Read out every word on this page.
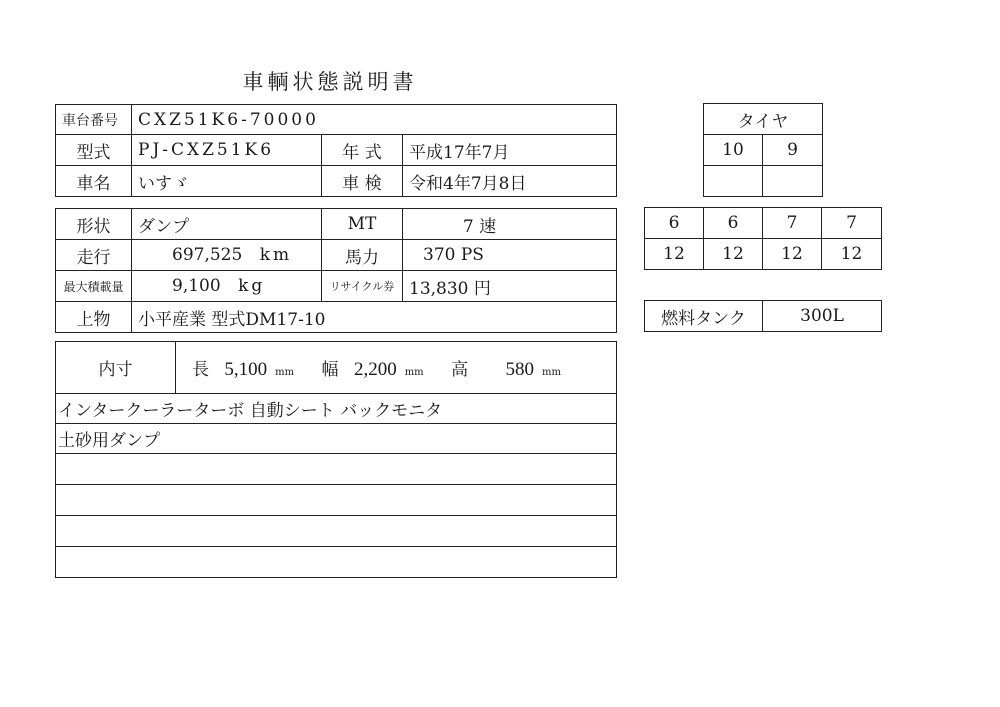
車輌状態説明書
車台番号	CXZ51K6-70000		
型式	PJ-CXZ51K6	年 式	平成17年7月
車名	いすゞ	車 検	令和4年7月8日
形状	ダンプ	MT	7 速
走行	697,525 km	馬力	370 PS
最大積載量	9,100 kg	リサイクル券	13,830 円
上物	小平産業 型式DM17-10		
内寸	長 5,100 mm 幅 2,200 mm 高 580 mm
インタークーラーターボ 自動シート バックモニタ
土砂用ダンプ

タイヤ	
10	9

6	6	7	7
12	12	12	12
燃料タンク	300L
